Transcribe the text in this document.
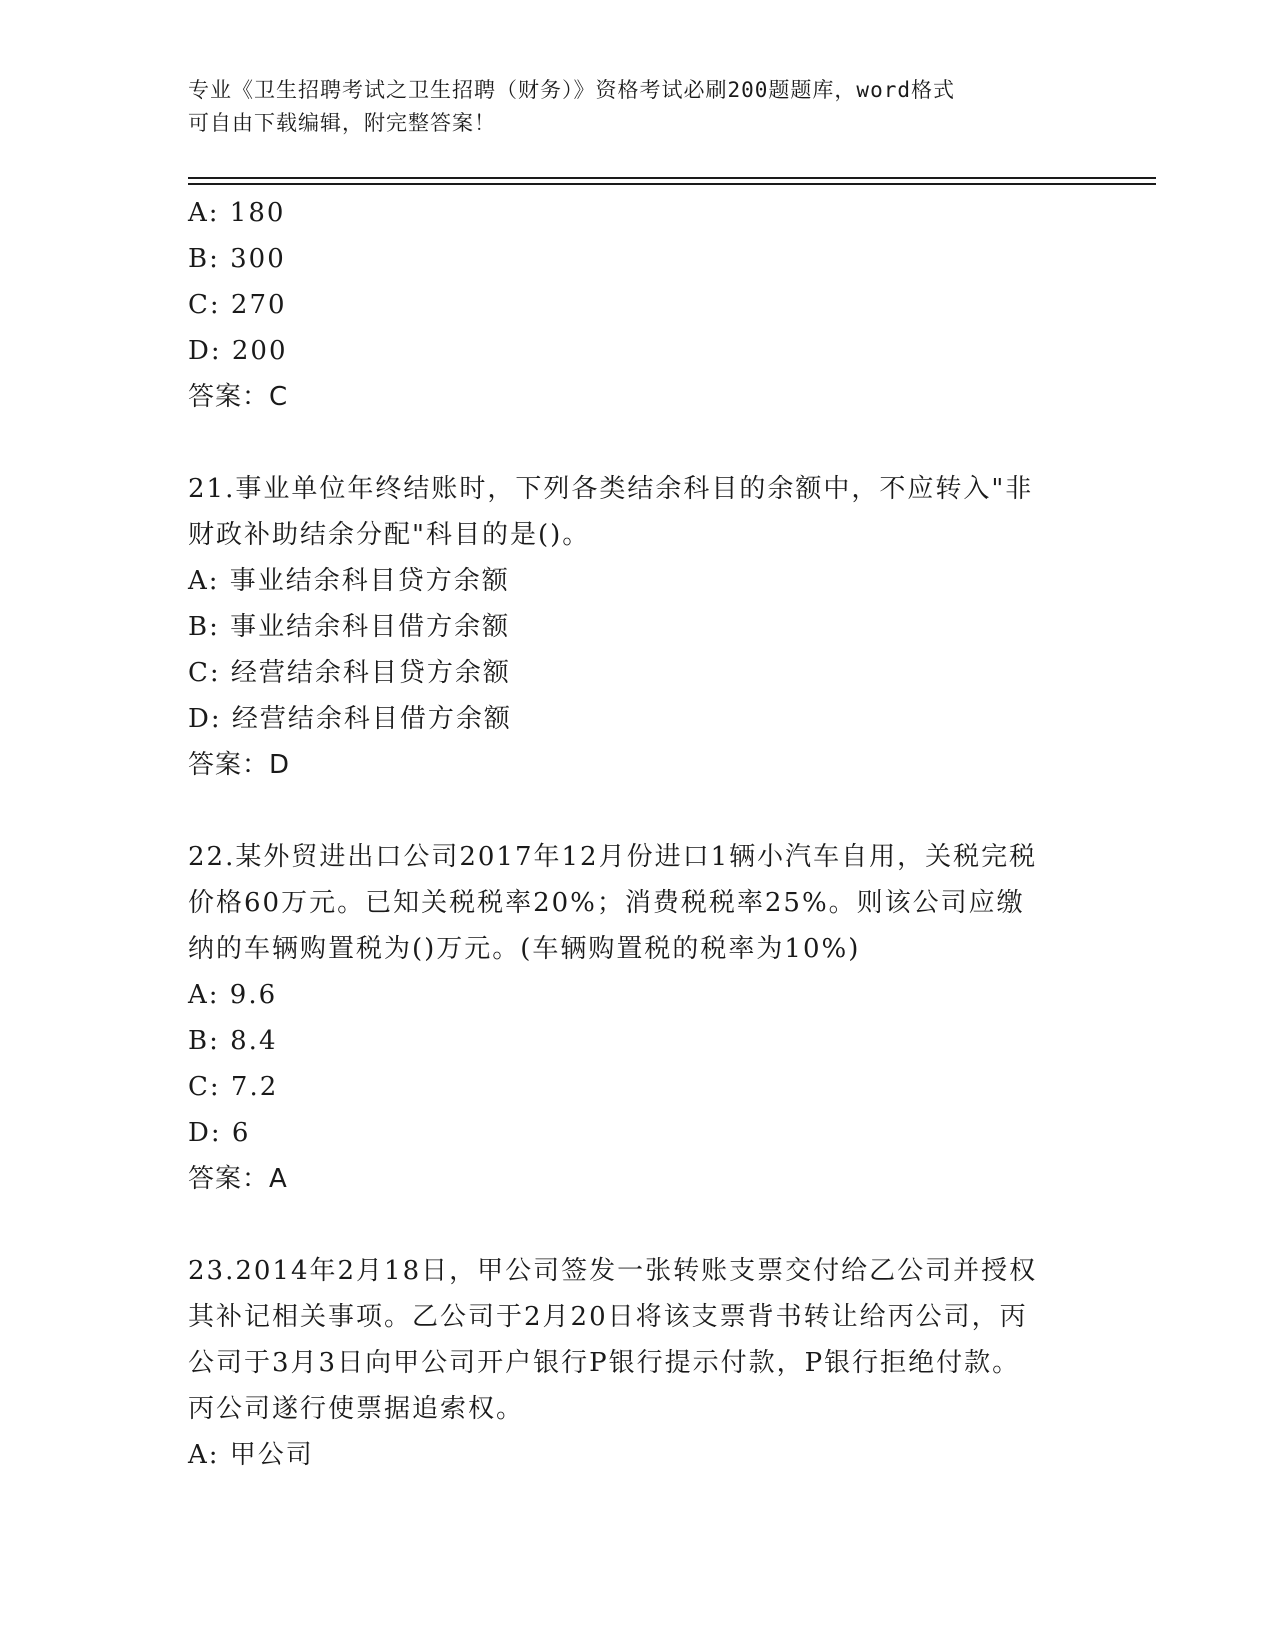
专业《卫生招聘考试之卫生招聘（财务）》资格考试必刷200题题库，word格式
可自由下载编辑，附完整答案！
A: 180
B: 300
C: 270
D: 200
答案：C
21.事业单位年终结账时，下列各类结余科目的余额中，不应转入"非
财政补助结余分配"科目的是()。
A: 事业结余科目贷方余额
B: 事业结余科目借方余额
C: 经营结余科目贷方余额
D: 经营结余科目借方余额
答案：D
22.某外贸进出口公司2017年12月份进口1辆小汽车自用，关税完税
价格60万元。已知关税税率20%；消费税税率25%。则该公司应缴
纳的车辆购置税为()万元。(车辆购置税的税率为10%)
A: 9.6
B: 8.4
C: 7.2
D: 6
答案：A
23.2014年2月18日，甲公司签发一张转账支票交付给乙公司并授权
其补记相关事项。乙公司于2月20日将该支票背书转让给丙公司，丙
公司于3月3日向甲公司开户银行P银行提示付款，P银行拒绝付款。
丙公司遂行使票据追索权。
A: 甲公司
